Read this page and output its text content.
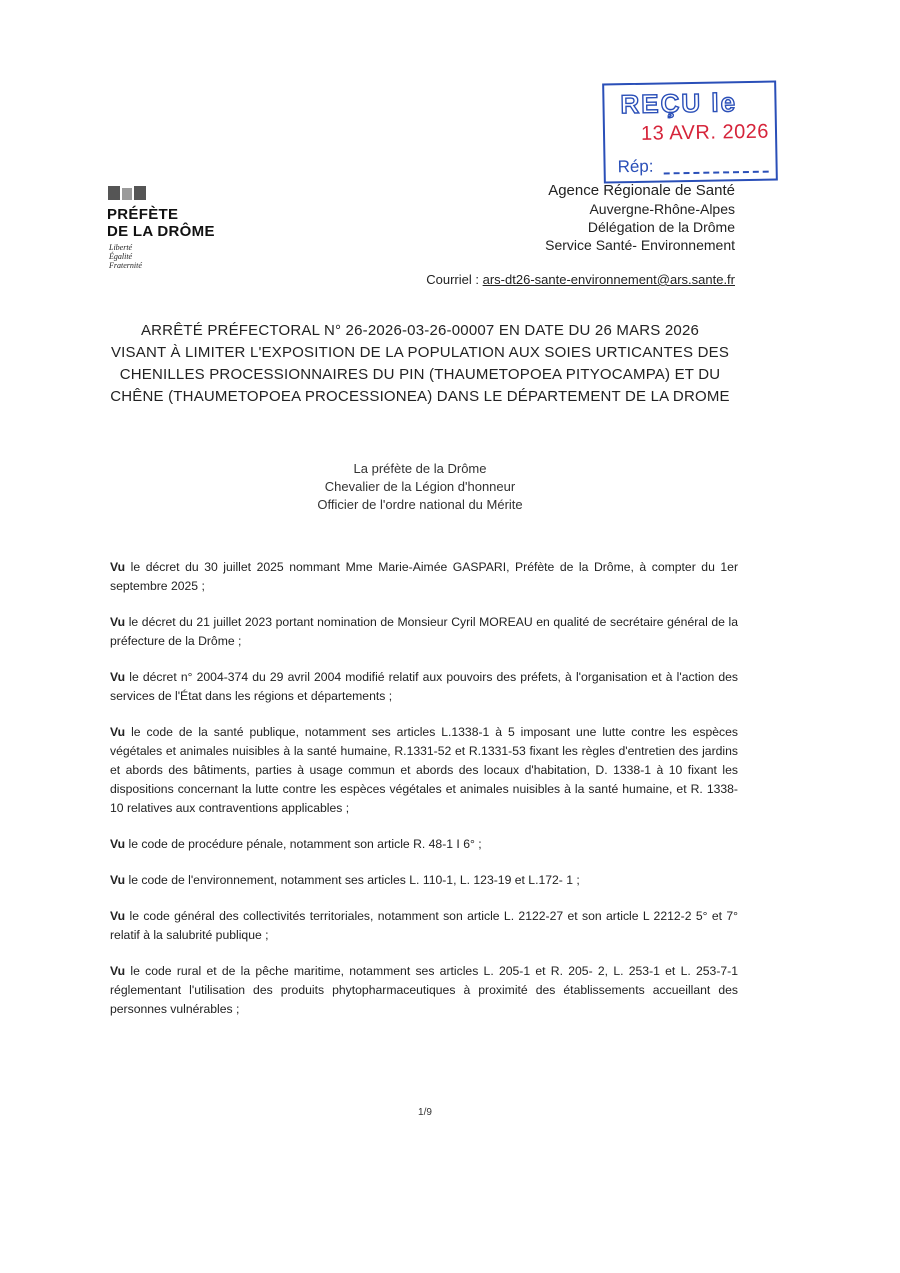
REÇU le
13 AVR. 2026
Rép:
PRÉFÈTE
DE LA DRÔME
Liberté
Égalité
Fraternité
Agence Régionale de Santé
Auvergne-Rhône-Alpes
Délégation de la Drôme
Service Santé- Environnement
Courriel : ars-dt26-sante-environnement@ars.sante.fr
ARRÊTÉ PRÉFECTORAL N° 26-2026-03-26-00007 EN DATE DU 26 MARS 2026
VISANT À LIMITER L'EXPOSITION DE LA POPULATION AUX SOIES URTICANTES DES
CHENILLES PROCESSIONNAIRES DU PIN (THAUMETOPOEA PITYOCAMPA) ET DU
CHÊNE (THAUMETOPOEA PROCESSIONEA) DANS LE DÉPARTEMENT DE LA DROME
La préfète de la Drôme
Chevalier de la Légion d'honneur
Officier de l'ordre national du Mérite

Vu le décret du 30 juillet 2025 nommant Mme Marie-Aimée GASPARI, Préfète de la Drôme, à compter du 1er septembre 2025 ;

Vu le décret du 21 juillet 2023 portant nomination de Monsieur Cyril MOREAU en qualité de secrétaire général de la préfecture de la Drôme ;

Vu le décret n° 2004-374 du 29 avril 2004 modifié relatif aux pouvoirs des préfets, à l'organisation et à l'action des services de l'État dans les régions et départements ;

Vu le code de la santé publique, notamment ses articles L.1338-1 à 5 imposant une lutte contre les espèces végétales et animales nuisibles à la santé humaine, R.1331-52 et R.1331-53 fixant les règles d'entretien des jardins et abords des bâtiments, parties à usage commun et abords des locaux d'habitation, D. 1338-1 à 10 fixant les dispositions concernant la lutte contre les espèces végétales et animales nuisibles à la santé humaine, et R. 1338-10 relatives aux contraventions applicables ;

Vu le code de procédure pénale, notamment son article R. 48-1 I 6° ;

Vu le code de l'environnement, notamment ses articles L. 110-1, L. 123-19 et L.172- 1 ;

Vu le code général des collectivités territoriales, notamment son article L. 2122-27 et son article L 2212-2 5° et 7° relatif à la salubrité publique ;

Vu le code rural et de la pêche maritime, notamment ses articles L. 205-1 et R. 205- 2, L. 253-1 et L. 253-7-1 réglementant l'utilisation des produits phytopharmaceutiques à proximité des établissements accueillant des personnes vulnérables ;

1/9
